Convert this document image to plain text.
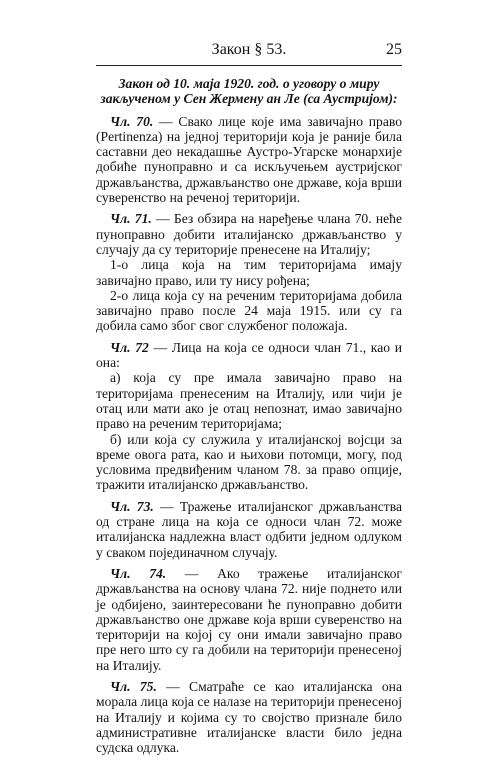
Закон § 53.	25

Закон од 10. маја 1920. год. о уговору о миру закљученом у Сен Жермену ан Ле (са Аустријом):

Чл. 70. — Свако лице које има завичајно право (Pertinenza) на једној територији која је раније била саставни део некадашње Аустро-Угарске монархије добиће пуноправно и са искључењем аустријског држављанства, држављанство оне државе, која врши суверенство на реченој територији.

Чл. 71. — Без обзира на наређење члана 70. неће пуноправно добити италијанско држављанство у случају да су територије пренесене на Италију;

1-о лица која на тим територијама имају завичајно право, или ту нису рођена;

2-о лица која су на реченим територијама добила завичајно право после 24 маја 1915. или су га добила само због свог службеног положаја.

Чл. 72 — Лица на која се односи члан 71., као и она:

а) која су пре имала завичајно право на територијама пренесеним на Италију, или чији је отац или мати ако је отац непознат, имао завичајно право на реченим територијама;

б) или која су служила у италијанској војсци за време овога рата, као и њихови потомци, могу, под условима предвиђеним чланом 78. за право опције, тражити италијанско држављанство.

Чл. 73. — Тражење италијанског држављанства од стране лица на која се односи члан 72. може италијанска надлежна власт одбити једном одлуком у сваком појединачном случају.

Чл. 74. — Ако тражење италијанског држављанства на основу члана 72. није поднето или је одбијено, заинтересовани ће пуноправно добити држављанство оне државе која врши суверенство на територији на којој су они имали завичајно право пре него што су га добили на територији пренесеној на Италију.

Чл. 75. — Сматраће се као италијанска она морала лица која се налазе на територији пренесеној на Италију и којима су то својство признале било административне италијанске власти било једна судска одлука.
